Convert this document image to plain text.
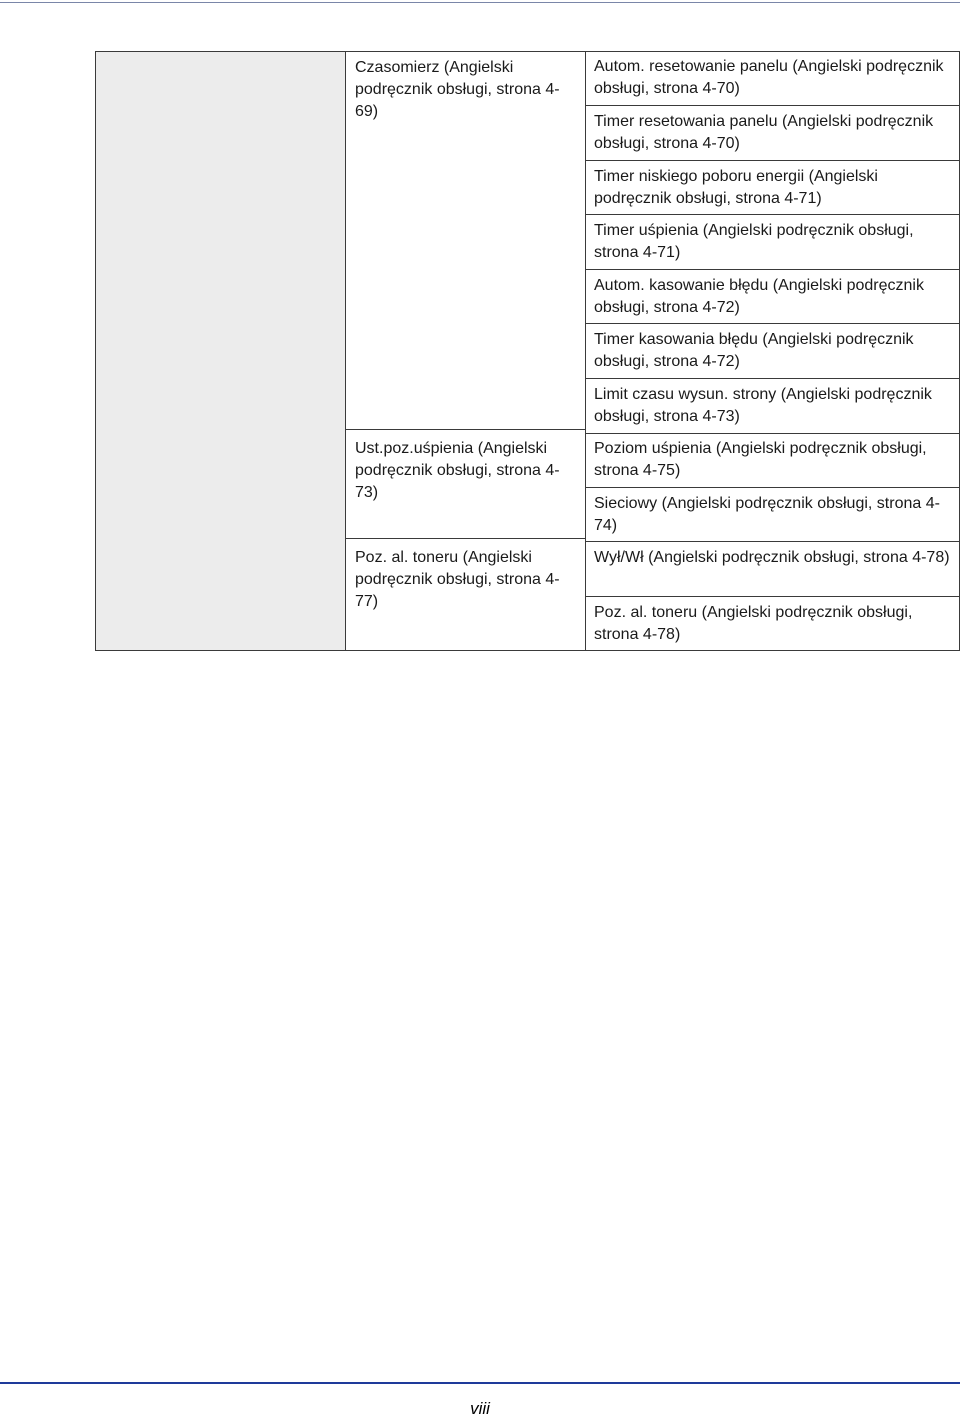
Czasomierz (Angielski podręcznik obsługi, strona 4-69)
Ust.poz.uśpienia (Angielski podręcznik obsługi, strona 4-73)
Poz. al. toneru (Angielski podręcznik obsługi, strona 4-77)
Autom. resetowanie panelu (Angielski podręcznik obsługi, strona 4-70)
Timer resetowania panelu (Angielski podręcznik obsługi, strona 4-70)
Timer niskiego poboru energii (Angielski podręcznik obsługi, strona 4-71)
Timer uśpienia (Angielski podręcznik obsługi, strona 4-71)
Autom. kasowanie błędu (Angielski podręcznik obsługi, strona 4-72)
Timer kasowania błędu (Angielski podręcznik obsługi, strona 4-72)
Limit czasu wysun. strony (Angielski podręcznik obsługi, strona 4-73)
Poziom uśpienia (Angielski podręcznik obsługi, strona 4-75)
Sieciowy (Angielski podręcznik obsługi, strona 4-74)
Wył/Wł (Angielski podręcznik obsługi, strona 4-78)
Poz. al. toneru (Angielski podręcznik obsługi, strona 4-78)
viii
